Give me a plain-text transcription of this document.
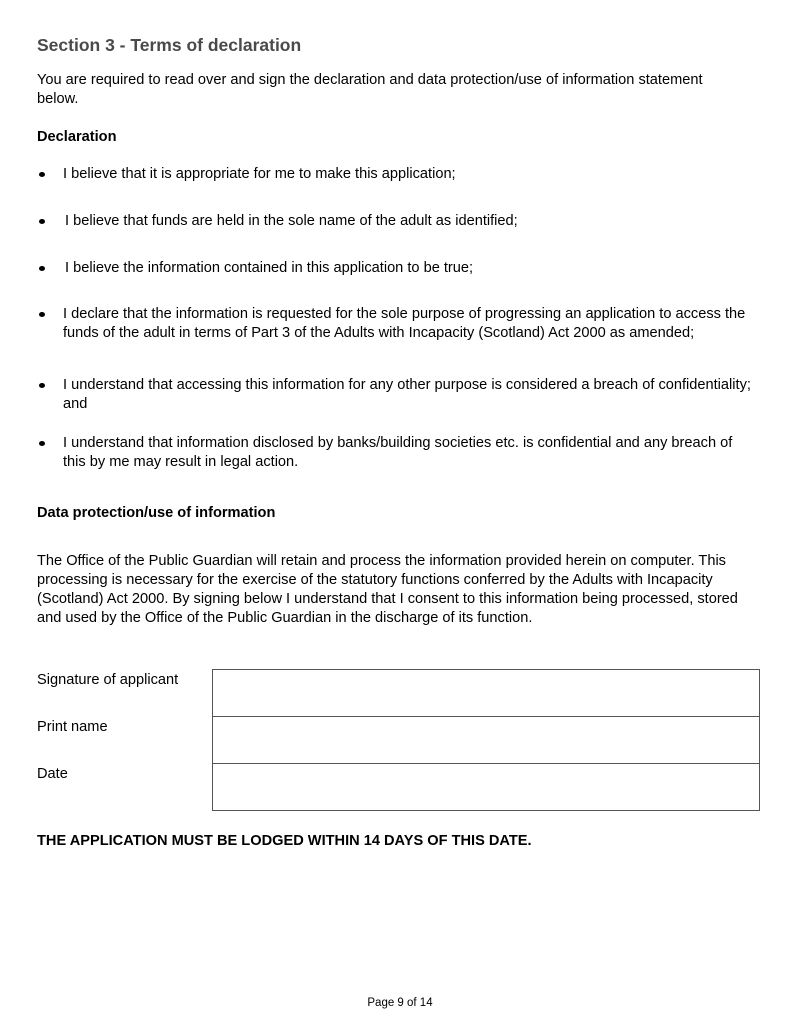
Section 3 - Terms of declaration

You are required to read over and sign the declaration and data protection/use of information statement below.

Declaration

I believe that it is appropriate for me to make this application;

I believe that funds are held in the sole name of the adult as identified;

I believe the information contained in this application to be true;

I declare that the information is requested for the sole purpose of progressing an application to access the funds of the adult in terms of Part 3 of the Adults with Incapacity (Scotland) Act 2000 as amended;

I understand that accessing this information for any other purpose is considered a breach of confidentiality; and

I understand that information disclosed by banks/building societies etc. is confidential and any breach of this by me may result in legal action.

Data protection/use of information

The Office of the Public Guardian will retain and process the information provided herein on computer. This processing is necessary for the exercise of the statutory functions conferred by the Adults with Incapacity (Scotland) Act 2000. By signing below I understand that I consent to this information being processed, stored and used by the Office of the Public Guardian in the discharge of its function.

Signature of applicant

Print name

Date

THE APPLICATION MUST BE LODGED WITHIN 14 DAYS OF THIS DATE.

Page 9 of 14
